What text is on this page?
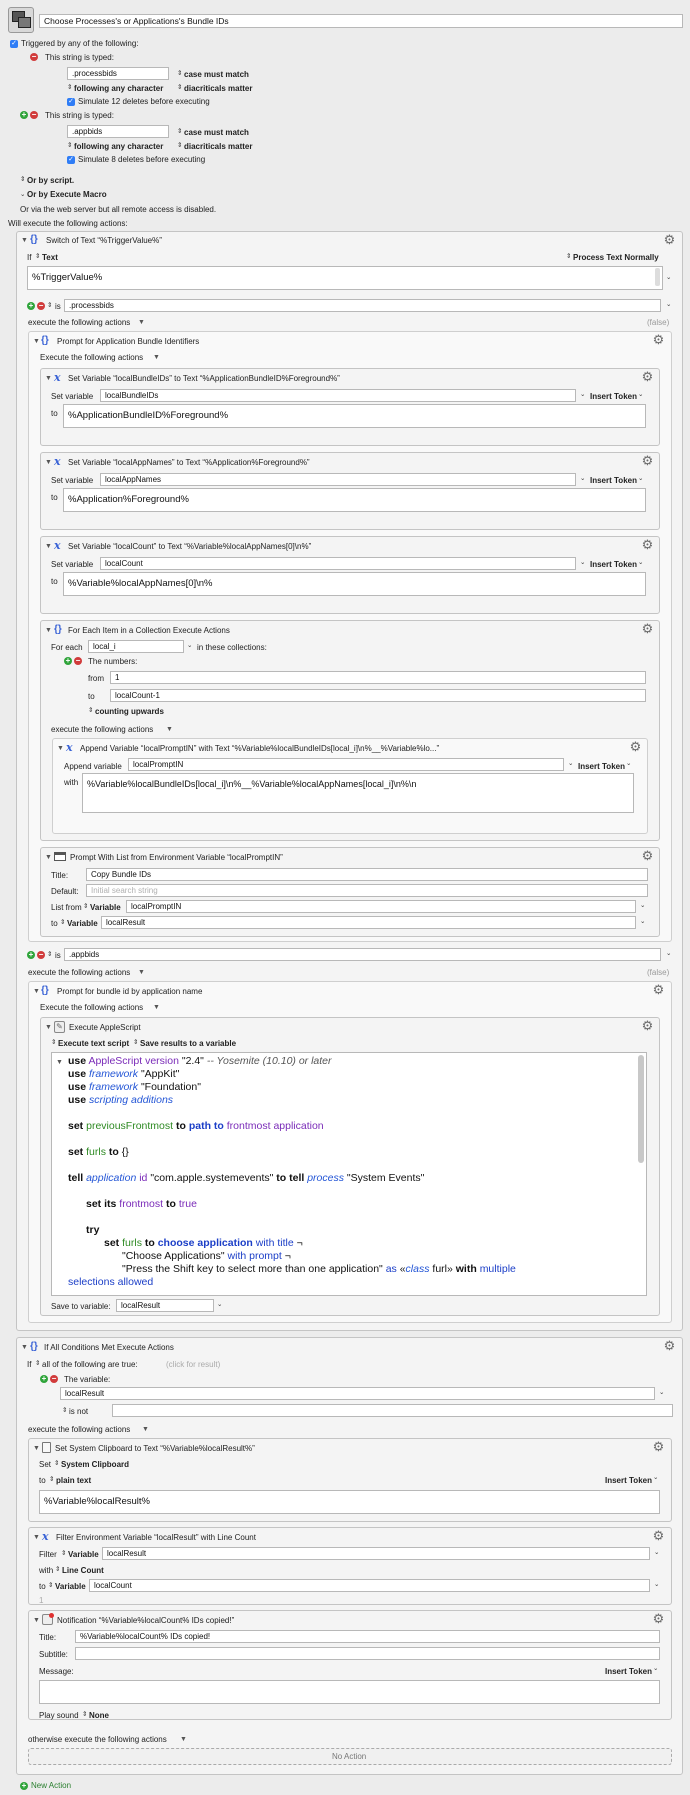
Choose Processes's or Applications's Bundle IDs
✓ Triggered by any of the following:
− This string is typed:
.processbids	⇕ case must match
⇕ following any character ⇕ diacriticals matter
✓ Simulate 12 deletes before executing
+ − This string is typed:
.appbids	⇕ case must match
⇕ following any character ⇕ diacriticals matter
✓ Simulate 8 deletes before executing
⇕ Or by script.
⌄ Or by Execute Macro
Or via the web server but all remote access is disabled.
Will execute the following actions:
▼ {} Switch of Text “%TriggerValue%”	⚙
If ⇕ Text	⇕ Process Text Normally
%TriggerValue%	⌄
+ − ⇕ is	.processbids	⌄
execute the following actions ▼	(false)
▼ {} Prompt for Application Bundle Identifiers	⚙
Execute the following actions ▼
▼ x Set Variable “localBundleIDs” to Text “%ApplicationBundleID%Foreground%”	⚙
Set variable	localBundleIDs	⌄ Insert Token ⌄
to	%ApplicationBundleID%Foreground%
▼ x Set Variable “localAppNames” to Text “%Application%Foreground%”	⚙
Set variable	localAppNames	⌄ Insert Token ⌄
to	%Application%Foreground%
▼ x Set Variable “localCount” to Text “%Variable%localAppNames[0]\n%”	⚙
Set variable	localCount	⌄ Insert Token ⌄
to	%Variable%localAppNames[0]\n%
▼ {} For Each Item in a Collection Execute Actions	⚙
For each	local_i	⌄ in these collections:
+ − The numbers:
from	1
to	localCount-1
⇕ counting upwards
execute the following actions ▼
▼ x Append Variable “localPromptIN” with Text “%Variable%localBundleIDs[local_i]\n%__%Variable%lo...”	⚙
Append variable	localPromptIN	⌄ Insert Token ⌄
with %Variable%localBundleIDs[local_i]\n%__%Variable%localAppNames[local_i]\n%\n
▼ Prompt With List from Environment Variable “localPromptIN”	⚙
Title:	Copy Bundle IDs
Default:	Initial search string
List from ⇕ Variable	localPromptIN	⌄
to ⇕ Variable	localResult	⌄
+ − ⇕ is	.appbids	⌄
execute the following actions ▼	(false)
▼ {} Prompt for bundle id by application name	⚙
Execute the following actions ▼
▼ ✎ Execute AppleScript	⚙
⇕ Execute text script ⇕ Save results to a variable
▼ use AppleScript version "2.4" -- Yosemite (10.10) or later
use framework "AppKit"
use framework "Foundation"
use scripting additions
set previousFrontmost to path to frontmost application
set furls to {}
tell application id "com.apple.systemevents" to tell process "System Events"
set its frontmost to true
try
set furls to choose application with title ¬
"Choose Applications" with prompt ¬
"Press the Shift key to select more than one application" as «class furl» with multiple
selections allowed
Save to variable:	localResult	⌄
▼ {} If All Conditions Met Execute Actions	⚙
If ⇕ all of the following are true:	(click for result)
+ − The variable:
localResult	⌄
⇕ is not
execute the following actions ▼
▼ Set System Clipboard to Text “%Variable%localResult%”	⚙
Set ⇕ System Clipboard
to ⇕ plain text	Insert Token ⌄
%Variable%localResult%
▼ x Filter Environment Variable “localResult” with Line Count	⚙
Filter ⇕ Variable	localResult	⌄
with ⇕ Line Count
to ⇕ Variable	localCount	⌄
1
▼ Notification “%Variable%localCount% IDs copied!”	⚙
Title:	%Variable%localCount% IDs copied!
Subtitle:
Message:	Insert Token ⌄
Play sound ⇕ None
otherwise execute the following actions ▼
No Action
+ New Action
